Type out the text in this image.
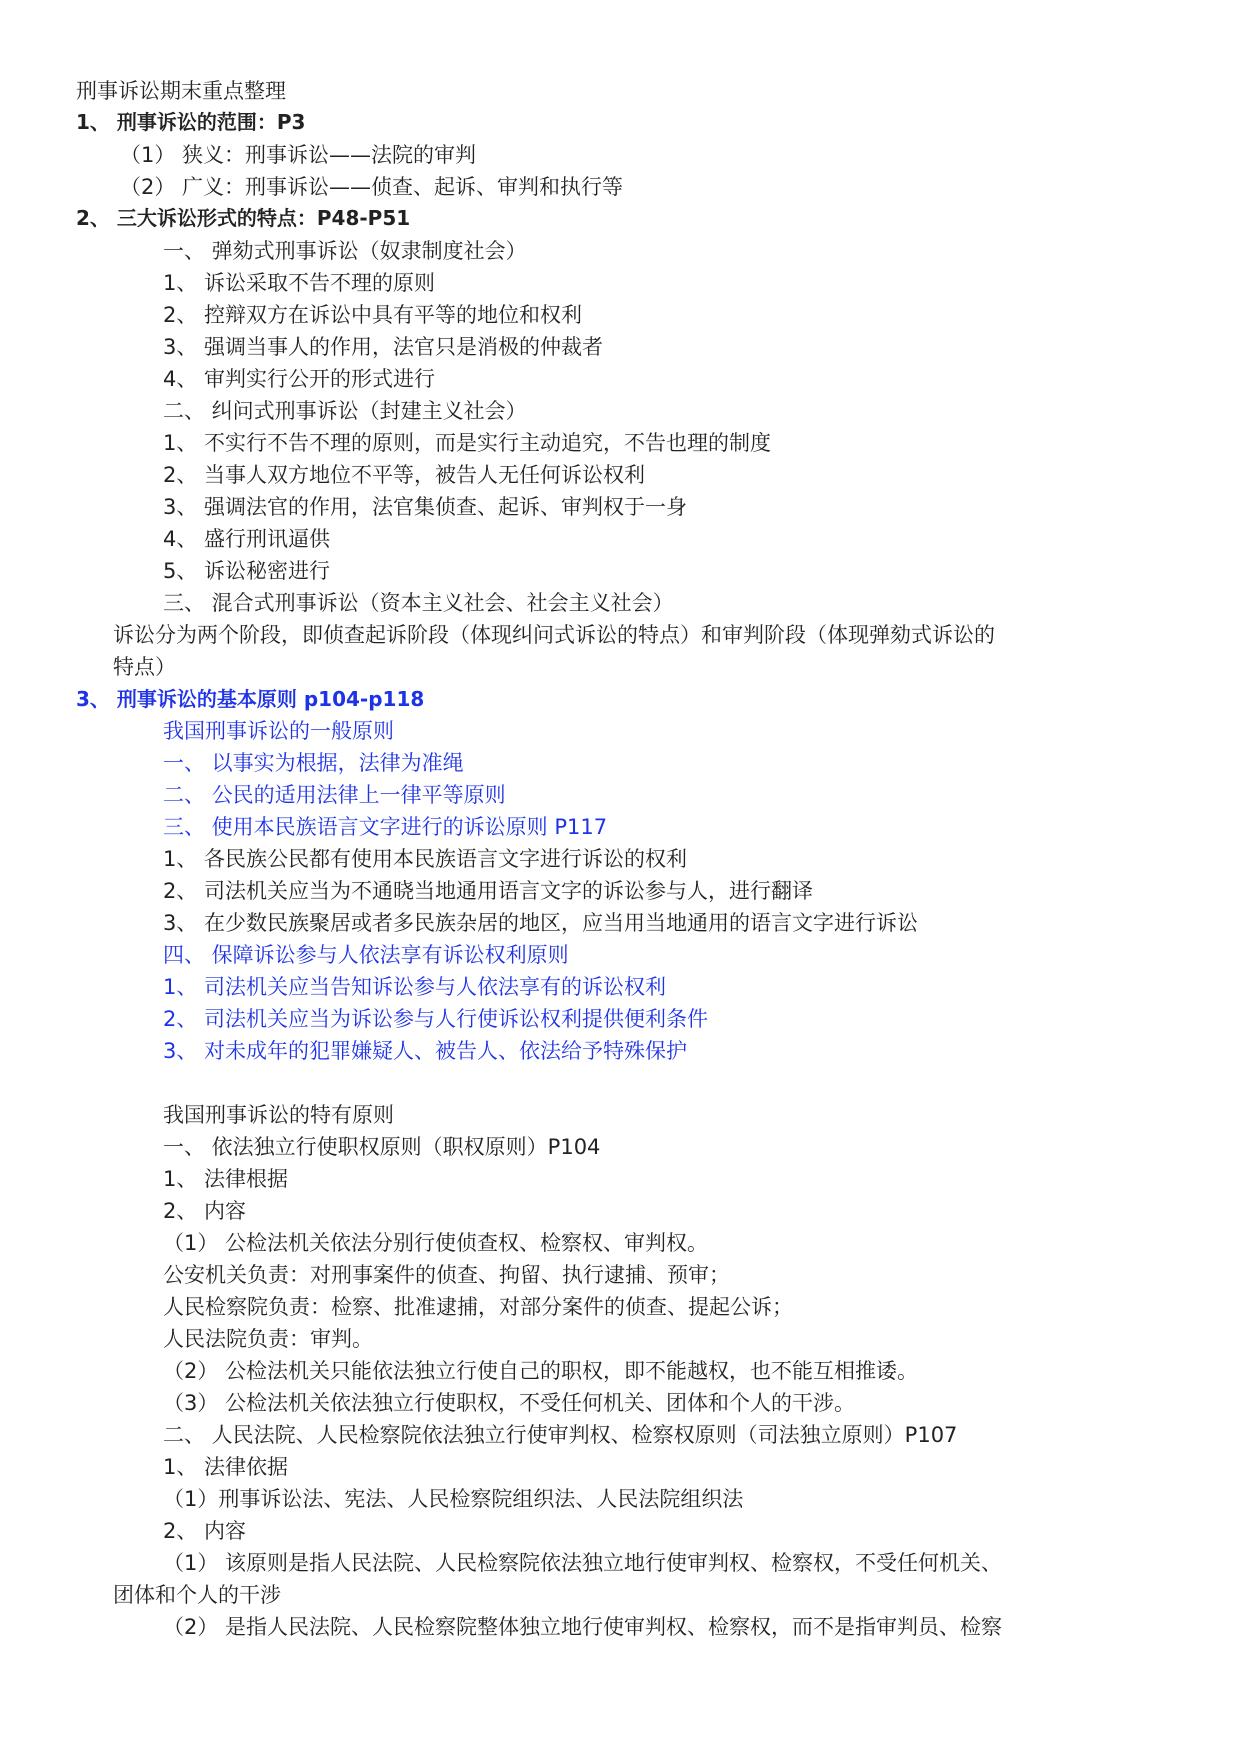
刑事诉讼期末重点整理
1、 刑事诉讼的范围：P3
（1） 狭义：刑事诉讼——法院的审判
（2） 广义：刑事诉讼——侦查、起诉、审判和执行等
2、 三大诉讼形式的特点：P48-P51
一、 弹劾式刑事诉讼（奴隶制度社会）
1、 诉讼采取不告不理的原则
2、 控辩双方在诉讼中具有平等的地位和权利
3、 强调当事人的作用，法官只是消极的仲裁者
4、 审判实行公开的形式进行
二、 纠问式刑事诉讼（封建主义社会）
1、 不实行不告不理的原则，而是实行主动追究，不告也理的制度
2、 当事人双方地位不平等，被告人无任何诉讼权利
3、 强调法官的作用，法官集侦查、起诉、审判权于一身
4、 盛行刑讯逼供
5、 诉讼秘密进行
三、 混合式刑事诉讼（资本主义社会、社会主义社会）
诉讼分为两个阶段，即侦查起诉阶段（体现纠问式诉讼的特点）和审判阶段（体现弹劾式诉讼的
特点）
3、 刑事诉讼的基本原则 p104-p118
我国刑事诉讼的一般原则
一、 以事实为根据，法律为准绳
二、 公民的适用法律上一律平等原则
三、 使用本民族语言文字进行的诉讼原则 P117
1、 各民族公民都有使用本民族语言文字进行诉讼的权利
2、 司法机关应当为不通晓当地通用语言文字的诉讼参与人，进行翻译
3、 在少数民族聚居或者多民族杂居的地区，应当用当地通用的语言文字进行诉讼
四、 保障诉讼参与人依法享有诉讼权利原则
1、 司法机关应当告知诉讼参与人依法享有的诉讼权利
2、 司法机关应当为诉讼参与人行使诉讼权利提供便利条件
3、 对未成年的犯罪嫌疑人、被告人、依法给予特殊保护
我国刑事诉讼的特有原则
一、 依法独立行使职权原则（职权原则）P104
1、 法律根据
2、 内容
（1） 公检法机关依法分别行使侦查权、检察权、审判权。
公安机关负责：对刑事案件的侦查、拘留、执行逮捕、预审；
人民检察院负责：检察、批准逮捕，对部分案件的侦查、提起公诉；
人民法院负责：审判。
（2） 公检法机关只能依法独立行使自己的职权，即不能越权，也不能互相推诿。
（3） 公检法机关依法独立行使职权，不受任何机关、团体和个人的干涉。
二、 人民法院、人民检察院依法独立行使审判权、检察权原则（司法独立原则）P107
1、 法律依据
（1）刑事诉讼法、宪法、人民检察院组织法、人民法院组织法
2、 内容
（1） 该原则是指人民法院、人民检察院依法独立地行使审判权、检察权，不受任何机关、
团体和个人的干涉
（2） 是指人民法院、人民检察院整体独立地行使审判权、检察权，而不是指审判员、检察
